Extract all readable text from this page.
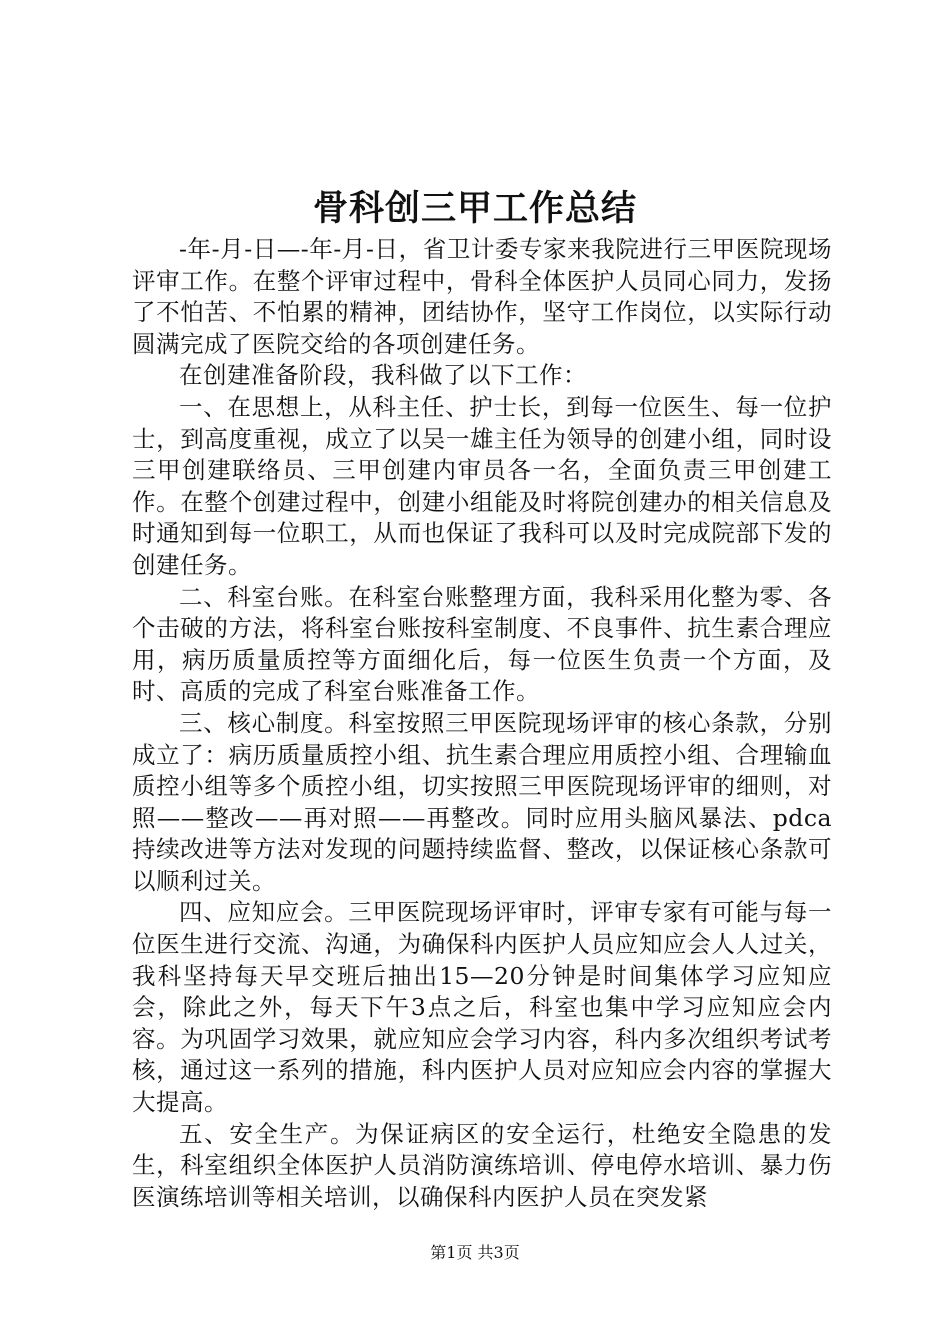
骨科创三甲工作总结

-年-月-日—-年-月-日，省卫计委专家来我院进行三甲医院现场评审工作。在整个评审过程中，骨科全体医护人员同心同力，发扬了不怕苦、不怕累的精神，团结协作，坚守工作岗位，以实际行动圆满完成了医院交给的各项创建任务。

在创建准备阶段，我科做了以下工作：

一、在思想上，从科主任、护士长，到每一位医生、每一位护士，到高度重视，成立了以吴一雄主任为领导的创建小组，同时设三甲创建联络员、三甲创建内审员各一名，全面负责三甲创建工作。在整个创建过程中，创建小组能及时将院创建办的相关信息及时通知到每一位职工，从而也保证了我科可以及时完成院部下发的创建任务。

二、科室台账。在科室台账整理方面，我科采用化整为零、各个击破的方法，将科室台账按科室制度、不良事件、抗生素合理应用，病历质量质控等方面细化后，每一位医生负责一个方面，及时、高质的完成了科室台账准备工作。

三、核心制度。科室按照三甲医院现场评审的核心条款，分别成立了：病历质量质控小组、抗生素合理应用质控小组、合理输血质控小组等多个质控小组，切实按照三甲医院现场评审的细则，对照——整改——再对照——再整改。同时应用头脑风暴法、pdca持续改进等方法对发现的问题持续监督、整改，以保证核心条款可以顺利过关。

四、应知应会。三甲医院现场评审时，评审专家有可能与每一位医生进行交流、沟通，为确保科内医护人员应知应会人人过关，我科坚持每天早交班后抽出15—20分钟是时间集体学习应知应会，除此之外，每天下午3点之后，科室也集中学习应知应会内容。为巩固学习效果，就应知应会学习内容，科内多次组织考试考核，通过这一系列的措施，科内医护人员对应知应会内容的掌握大大提高。

五、安全生产。为保证病区的安全运行，杜绝安全隐患的发生，科室组织全体医护人员消防演练培训、停电停水培训、暴力伤医演练培训等相关培训，以确保科内医护人员在突发紧

第1页 共3页
